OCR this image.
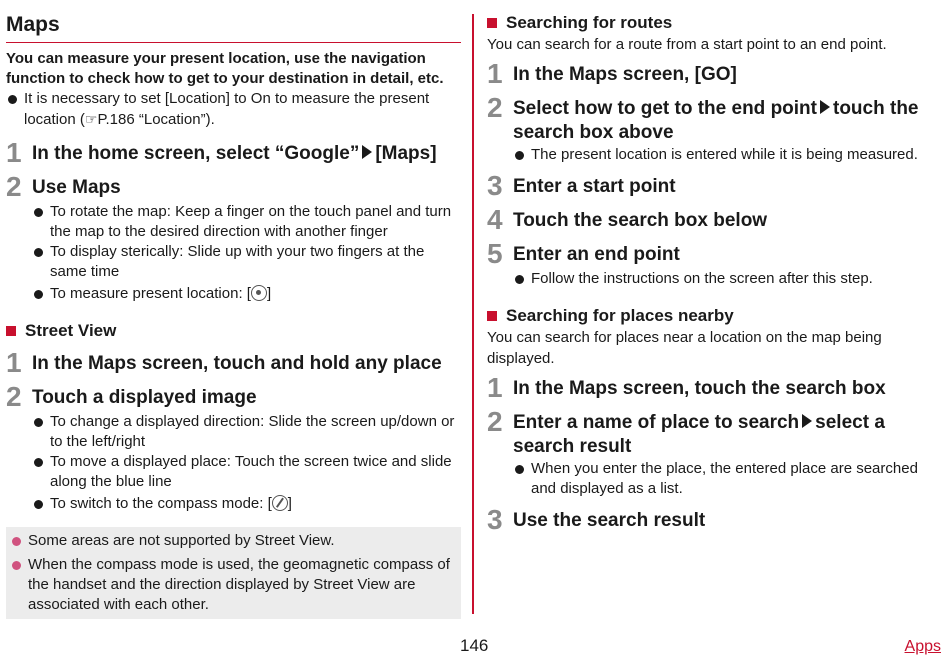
Maps
You can measure your present location, use the navigation function to check how to get to your destination in detail, etc.
It is necessary to set [Location] to On to measure the present location (☞P.186 “Location”).
1 In the home screen, select “Google” [Maps]
2 Use Maps
To rotate the map: Keep a finger on the touch panel and turn the map to the desired direction with another finger
To display sterically: Slide up with your two fingers at the same time
To measure present location: [ ]
Street View
1 In the Maps screen, touch and hold any place
2 Touch a displayed image
To change a displayed direction: Slide the screen up/down or to the left/right
To move a displayed place: Touch the screen twice and slide along the blue line
To switch to the compass mode: [ ]
Some areas are not supported by Street View.
When the compass mode is used, the geomagnetic compass of the handset and the direction displayed by Street View are associated with each other.
Searching for routes
You can search for a route from a start point to an end point.
1 In the Maps screen, [GO]
2 Select how to get to the end point touch the search box above
The present location is entered while it is being measured.
3 Enter a start point
4 Touch the search box below
5 Enter an end point
Follow the instructions on the screen after this step.
Searching for places nearby
You can search for places near a location on the map being displayed.
1 In the Maps screen, touch the search box
2 Enter a name of place to search select a search result
When you enter the place, the entered place are searched and displayed as a list.
3 Use the search result
146	Apps
